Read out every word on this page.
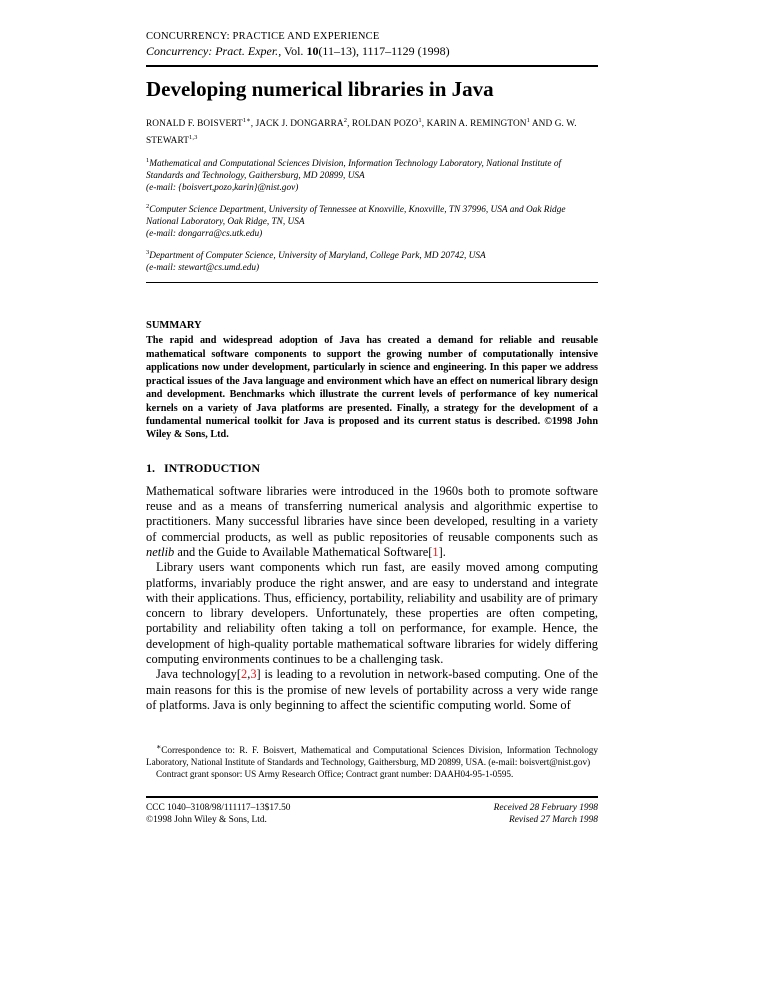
CONCURRENCY: PRACTICE AND EXPERIENCE
Concurrency: Pract. Exper., Vol. 10(11–13), 1117–1129 (1998)
Developing numerical libraries in Java
RONALD F. $BOISVERT^{1∗}$, JACK J. DONGARRA$^2$, ROLDAN POZO$^1$, KARIN A. REMINGTON$^1$ AND G. W. STEWART$^{1,3}$
$^1$Mathematical and Computational Sciences Division, Information Technology Laboratory, National Institute of Standards and Technology, Gaithersburg, MD 20899, USA
(e-mail: {boisvert,pozo,karin}@nist.gov)
$^2$Computer Science Department, University of Tennessee at Knoxville, Knoxville, TN 37996, USA and Oak Ridge National Laboratory, Oak Ridge, TN, USA
(e-mail: dongarra@cs.utk.edu)
$^3$Department of Computer Science, University of Maryland, College Park, MD 20742, USA
(e-mail: stewart@cs.umd.edu)
SUMMARY
The rapid and widespread adoption of Java has created a demand for reliable and reusable mathematical software components to support the growing number of computationally intensive applications now under development, particularly in science and engineering. In this paper we address practical issues of the Java language and environment which have an effect on numerical library design and development. Benchmarks which illustrate the current levels of performance of key numerical kernels on a variety of Java platforms are presented. Finally, a strategy for the development of a fundamental numerical toolkit for Java is proposed and its current status is described. ©1998 John Wiley & Sons, Ltd.
1. INTRODUCTION

Mathematical software libraries were introduced in the 1960s both to promote software reuse and as a means of transferring numerical analysis and algorithmic expertise to practitioners. Many successful libraries have since been developed, resulting in a variety of commercial products, as well as public repositories of reusable components such as netlib and the Guide to Available Mathematical Software[1].

Library users want components which run fast, are easily moved among computing platforms, invariably produce the right answer, and are easy to understand and integrate with their applications. Thus, efficiency, portability, reliability and usability are of primary concern to library developers. Unfortunately, these properties are often competing, portability and reliability often taking a toll on performance, for example. Hence, the development of high-quality portable mathematical software libraries for widely differing computing environments continues to be a challenging task.

Java technology[2,3] is leading to a revolution in network-based computing. One of the main reasons for this is the promise of new levels of portability across a very wide range of platforms. Java is only beginning to affect the scientific computing world. Some of

∗Correspondence to: R. F. Boisvert, Mathematical and Computational Sciences Division, Information Technology Laboratory, National Institute of Standards and Technology, Gaithersburg, MD 20899, USA. (e-mail: boisvert@nist.gov)

Contract grant sponsor: US Army Research Office; Contract grant number: DAAH04-95-1-0595.

CCC 1040–3108/98/111117–13$17.50	Received 28 February 1998
©1998 John Wiley & Sons, Ltd.	Revised 27 March 1998
